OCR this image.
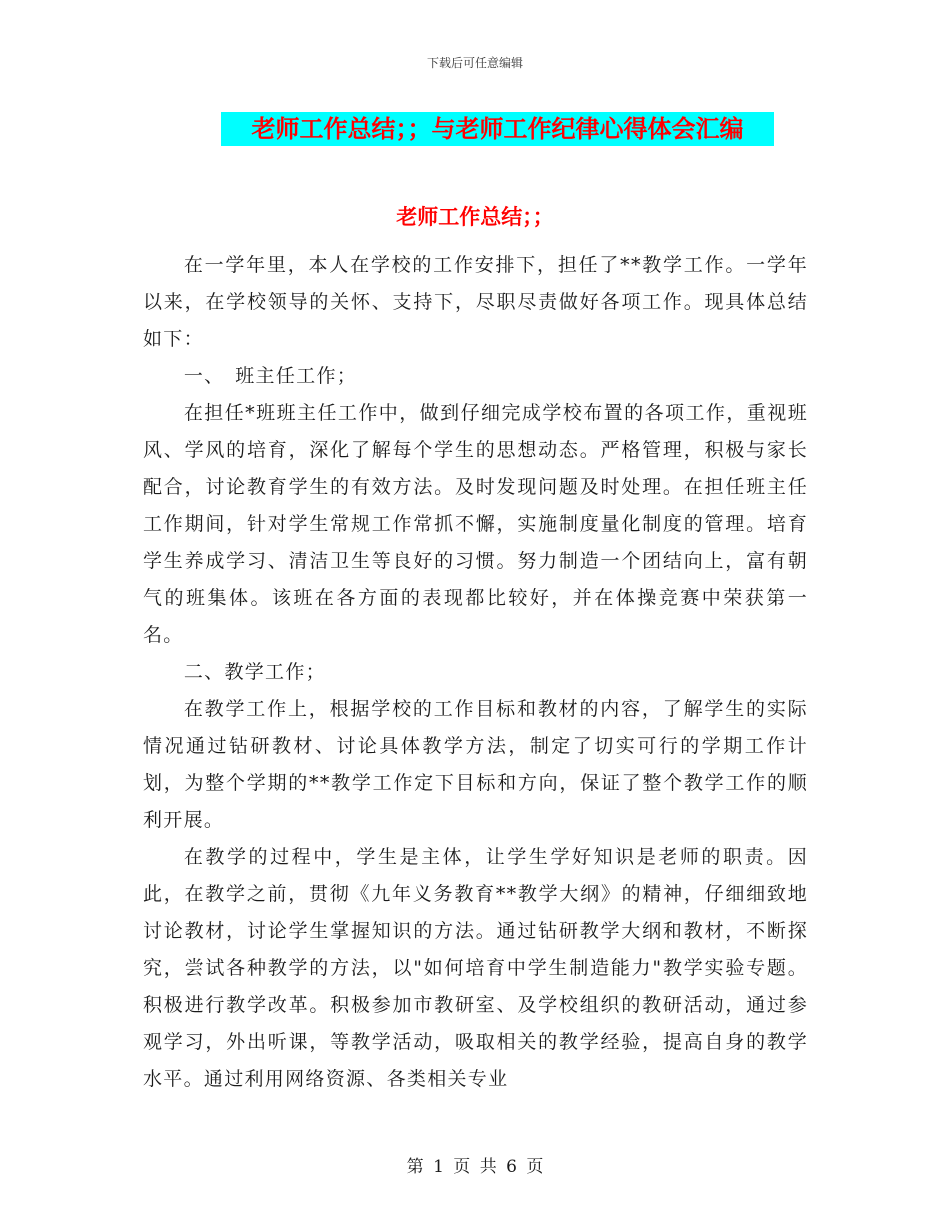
下载后可任意编辑
老师工作总结；；与老师工作纪律心得体会汇编
老师工作总结；；

在一学年里，本人在学校的工作安排下，担任了**教学工作。一学年以来，在学校领导的关怀、支持下，尽职尽责做好各项工作。现具体总结如下：

一、　班主任工作；

在担任*班班主任工作中，做到仔细完成学校布置的各项工作，重视班风、学风的培育，深化了解每个学生的思想动态。严格管理，积极与家长配合，讨论教育学生的有效方法。及时发现问题及时处理。在担任班主任工作期间，针对学生常规工作常抓不懈，实施制度量化制度的管理。培育学生养成学习、清洁卫生等良好的习惯。努力制造一个团结向上，富有朝气的班集体。该班在各方面的表现都比较好，并在体操竞赛中荣获第一名。

二、教学工作；

在教学工作上，根据学校的工作目标和教材的内容，了解学生的实际情况通过钻研教材、讨论具体教学方法，制定了切实可行的学期工作计划，为整个学期的**教学工作定下目标和方向，保证了整个教学工作的顺利开展。

在教学的过程中，学生是主体，让学生学好知识是老师的职责。因此，在教学之前，贯彻《九年义务教育**教学大纲》的精神，仔细细致地讨论教材，讨论学生掌握知识的方法。通过钻研教学大纲和教材，不断探究，尝试各种教学的方法，以"如何培育中学生制造能力"教学实验专题。积极进行教学改革。积极参加市教研室、及学校组织的教研活动，通过参观学习，外出听课，等教学活动，吸取相关的教学经验，提高自身的教学水平。通过利用网络资源、各类相关专业

第 1 页 共 6 页
